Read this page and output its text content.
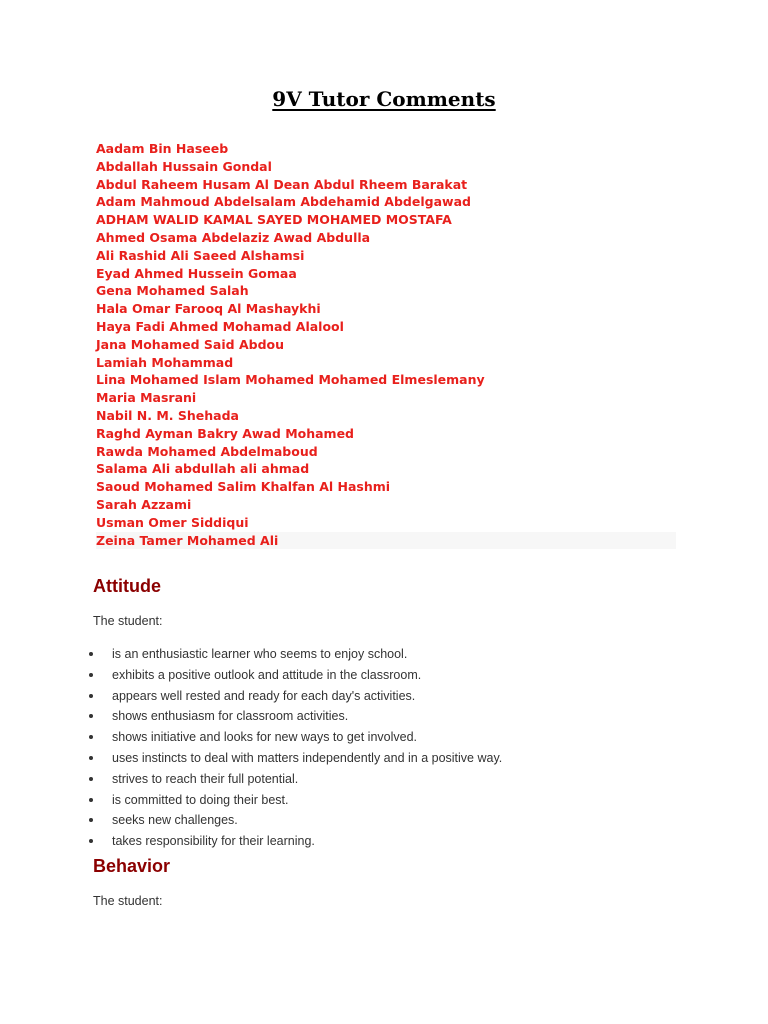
9V Tutor Comments
Aadam Bin Haseeb
Abdallah Hussain Gondal
Abdul Raheem Husam Al Dean Abdul Rheem Barakat
Adam Mahmoud Abdelsalam Abdehamid Abdelgawad
ADHAM WALID KAMAL SAYED MOHAMED MOSTAFA
Ahmed Osama Abdelaziz Awad Abdulla
Ali Rashid Ali Saeed Alshamsi
Eyad Ahmed Hussein Gomaa
Gena Mohamed Salah
Hala Omar Farooq Al Mashaykhi
Haya Fadi Ahmed Mohamad Alalool
Jana Mohamed Said Abdou
Lamiah Mohammad
Lina Mohamed Islam Mohamed Mohamed Elmeslemany
Maria Masrani
Nabil N. M. Shehada
Raghd Ayman Bakry Awad Mohamed
Rawda Mohamed Abdelmaboud
Salama Ali abdullah ali ahmad
Saoud Mohamed Salim Khalfan Al Hashmi
Sarah Azzami
Usman Omer Siddiqui
Zeina Tamer Mohamed Ali
Attitude

The student:

is an enthusiastic learner who seems to enjoy school.
exhibits a positive outlook and attitude in the classroom.
appears well rested and ready for each day's activities.
shows enthusiasm for classroom activities.
shows initiative and looks for new ways to get involved.
uses instincts to deal with matters independently and in a positive way.
strives to reach their full potential.
is committed to doing their best.
seeks new challenges.
takes responsibility for their learning.
Behavior

The student:
